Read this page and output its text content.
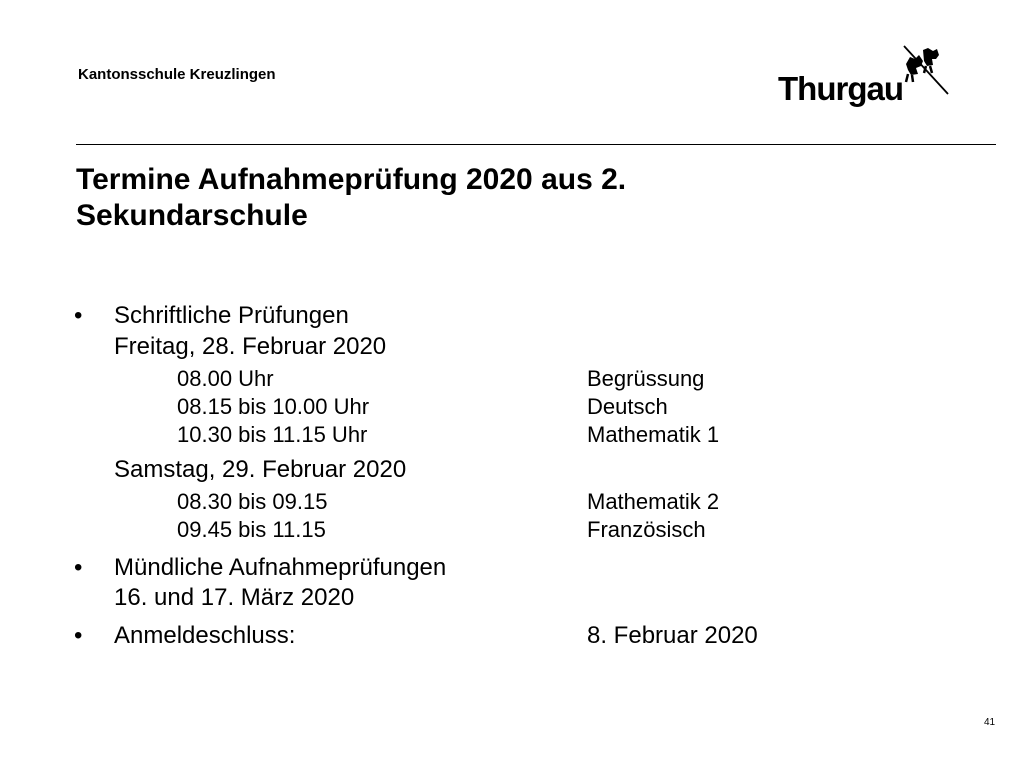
Kantonsschule Kreuzlingen	Thurgau
Termine Aufnahmeprüfung 2020 aus 2. Sekundarschule
• Schriftliche Prüfungen
Freitag, 28. Februar 2020
08.00 Uhr	Begrüssung
08.15 bis 10.00 Uhr	Deutsch
10.30 bis 11.15 Uhr	Mathematik 1
Samstag, 29. Februar 2020
08.30 bis 09.15	Mathematik 2
09.45 bis 11.15	Französisch
• Mündliche Aufnahmeprüfungen
16. und 17. März 2020
• Anmeldeschluss:	8. Februar 2020
41
